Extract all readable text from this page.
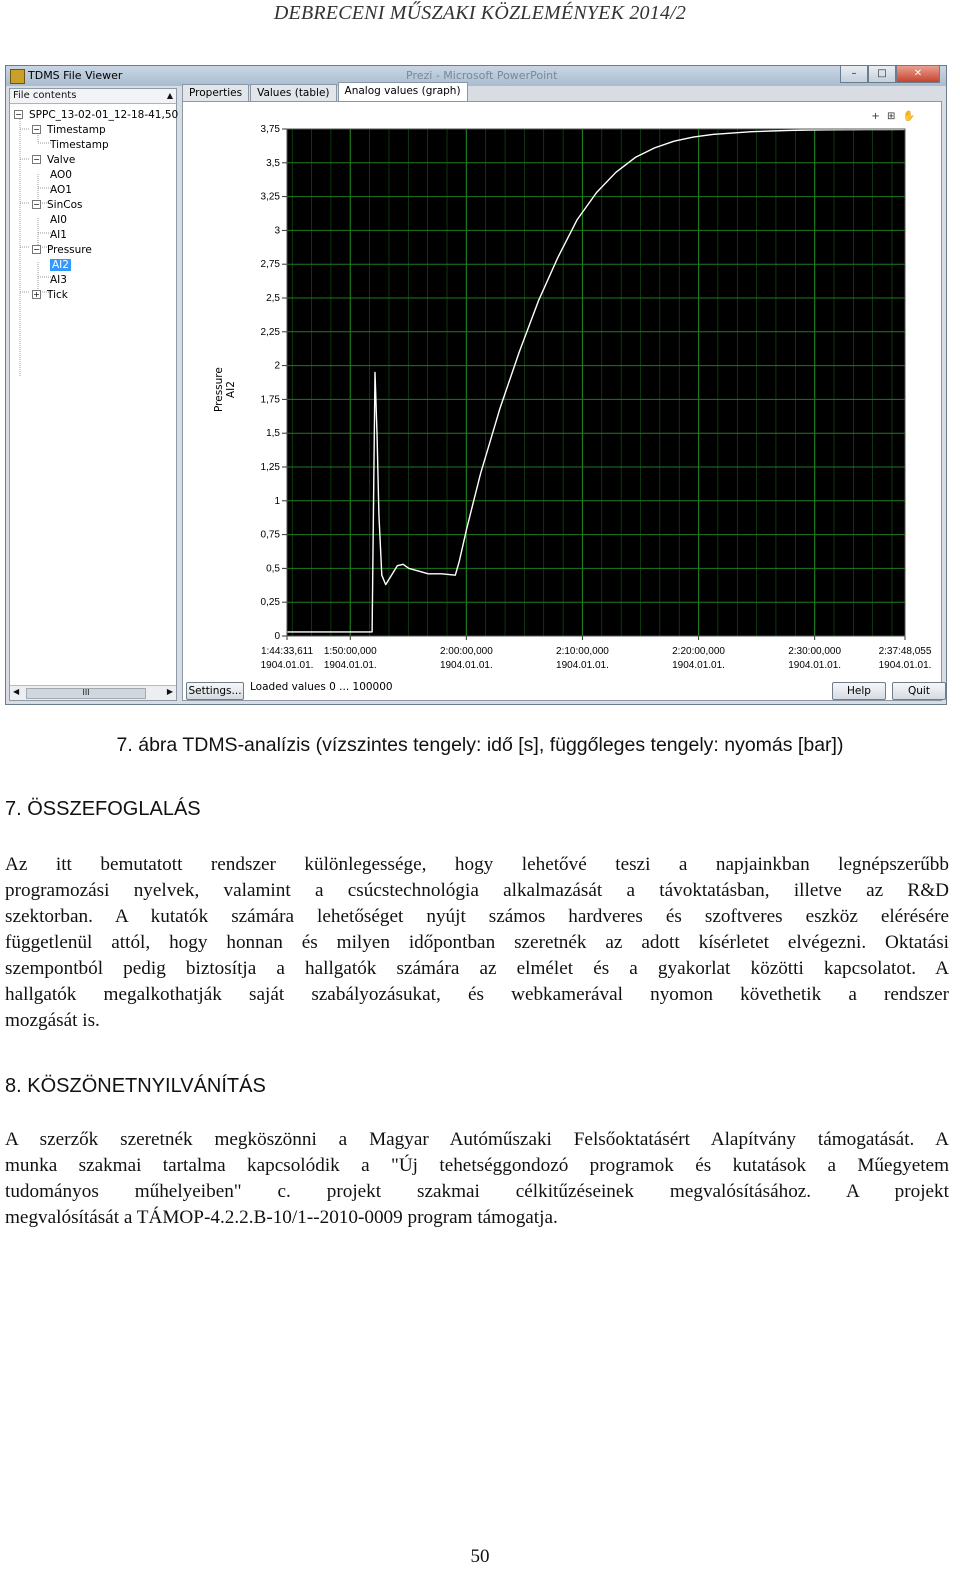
DEBRECENI MŰSZAKI KÖZLEMÉNYEK 2014/2
TDMS File Viewer	Prezi - Microsoft PowerPoint	–	□	✕
File contents	▲
− SPPC_13-02-01_12-18-41,50
− Timestamp
Timestamp
− Valve
AO0
AO1
− SinCos
AI0
AI1
− Pressure
AI2
AI3
+ Tick
◀	III	▶
Properties	Values (table)	Analog values (graph)
+ ⊞ ✋
Pressure AI2
0
0,25
0,5
0,75
1
1,25
1,5
1,75
2
2,25
2,5
2,75
3
3,25
3,5
3,75
1:44:33,611
1904.01.01.
1:50:00,000
1904.01.01.
2:00:00,000
1904.01.01.
2:10:00,000
1904.01.01.
2:20:00,000
1904.01.01.
2:30:00,000
1904.01.01.
2:37:48,055
1904.01.01.
Settings... Loaded values 0 ... 100000	Help	Quit
7. ábra TDMS-analízis (vízszintes tengely: idő [s], függőleges tengely: nyomás [bar])
7. ÖSSZEFOGLALÁS
Az itt bemutatott rendszer különlegessége, hogy lehetővé teszi a napjainkban legnépszerűbb
programozási nyelvek, valamint a csúcstechnológia alkalmazását a távoktatásban, illetve az R&D
szektorban. A kutatók számára lehetőséget nyújt számos hardveres és szoftveres eszköz elérésére
függetlenül attól, hogy honnan és milyen időpontban szeretnék az adott kísérletet elvégezni. Oktatási
szempontból pedig biztosítja a hallgatók számára az elmélet és a gyakorlat közötti kapcsolatot. A
hallgatók megalkothatják saját szabályozásukat, és webkamerával nyomon követhetik a rendszer
mozgását is.
8. KÖSZÖNETNYILVÁNÍTÁS
A szerzők szeretnék megköszönni a Magyar Autóműszaki Felsőoktatásért Alapítvány támogatását. A
munka szakmai tartalma kapcsolódik a "Új tehetséggondozó programok és kutatások a Műegyetem
tudományos műhelyeiben" c. projekt szakmai célkitűzéseinek megvalósításához. A projekt
megvalósítását a TÁMOP-4.2.2.B-10/1--2010-0009 program támogatja.
50
